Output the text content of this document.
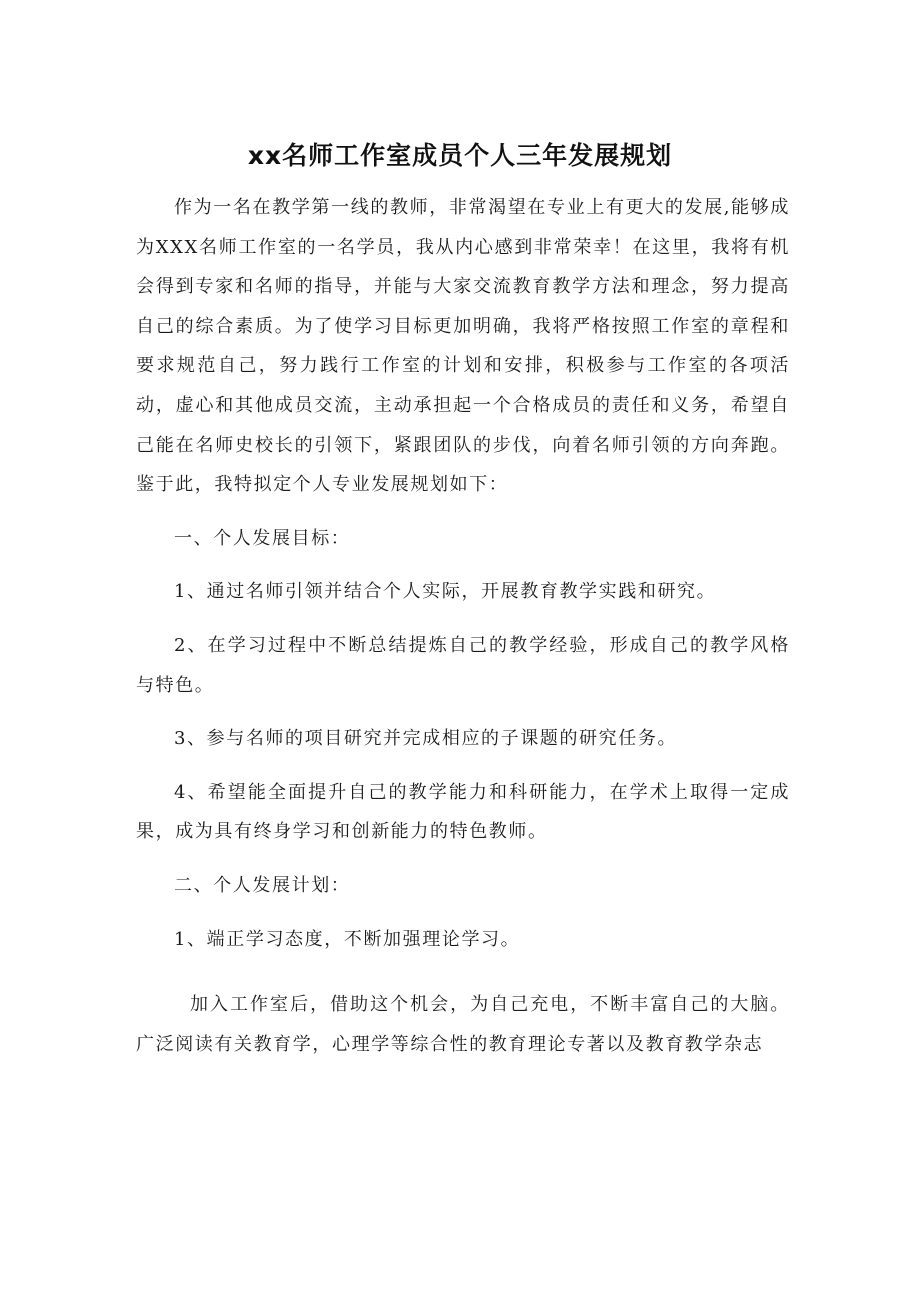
xx名师工作室成员个人三年发展规划

作为一名在教学第一线的教师，非常渴望在专业上有更大的发展,能够成为XXX名师工作室的一名学员，我从内心感到非常荣幸！在这里，我将有机会得到专家和名师的指导，并能与大家交流教育教学方法和理念，努力提高自己的综合素质。为了使学习目标更加明确，我将严格按照工作室的章程和要求规范自己，努力践行工作室的计划和安排，积极参与工作室的各项活动，虚心和其他成员交流，主动承担起一个合格成员的责任和义务，希望自己能在名师史校长的引领下，紧跟团队的步伐，向着名师引领的方向奔跑。鉴于此，我特拟定个人专业发展规划如下：

一、个人发展目标：

1、通过名师引领并结合个人实际，开展教育教学实践和研究。

2、在学习过程中不断总结提炼自己的教学经验，形成自己的教学风格与特色。

3、参与名师的项目研究并完成相应的子课题的研究任务。

4、希望能全面提升自己的教学能力和科研能力，在学术上取得一定成果，成为具有终身学习和创新能力的特色教师。

二、个人发展计划：

1、端正学习态度，不断加强理论学习。

加入工作室后，借助这个机会，为自己充电，不断丰富自己的大脑。广泛阅读有关教育学，心理学等综合性的教育理论专著以及教育教学杂志
